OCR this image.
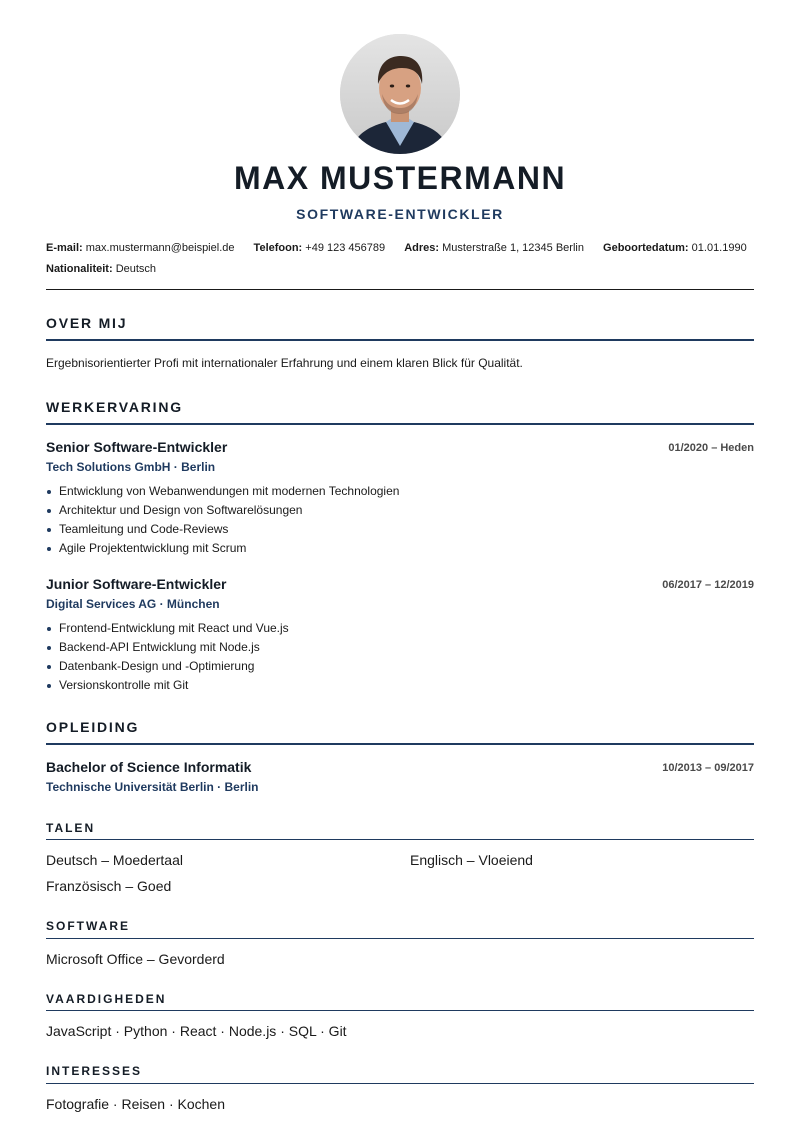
MAX MUSTERMANN
SOFTWARE-ENTWICKLER
E-mail: max.mustermann@beispiel.de Telefoon: +49 123 456789 Adres: Musterstraße 1, 12345 Berlin Geboortedatum: 01.01.1990
Nationaliteit: Deutsch
OVER MIJ
Ergebnisorientierter Profi mit internationaler Erfahrung und einem klaren Blick für Qualität.
WERKERVARING
Senior Software-Entwickler	01/2020 – Heden
Tech Solutions GmbH · Berlin
Entwicklung von Webanwendungen mit modernen Technologien
Architektur und Design von Softwarelösungen
Teamleitung und Code-Reviews
Agile Projektentwicklung mit Scrum
Junior Software-Entwickler	06/2017 – 12/2019
Digital Services AG · München
Frontend-Entwicklung mit React und Vue.js
Backend-API Entwicklung mit Node.js
Datenbank-Design und -Optimierung
Versionskontrolle mit Git
OPLEIDING
Bachelor of Science Informatik	10/2013 – 09/2017
Technische Universität Berlin · Berlin
TALEN
Deutsch – Moedertaal	Englisch – Vloeiend
Französisch – Goed
SOFTWARE
Microsoft Office – Gevorderd
VAARDIGHEDEN
JavaScript · Python · React · Node.js · SQL · Git
INTERESSES
Fotografie · Reisen · Kochen
